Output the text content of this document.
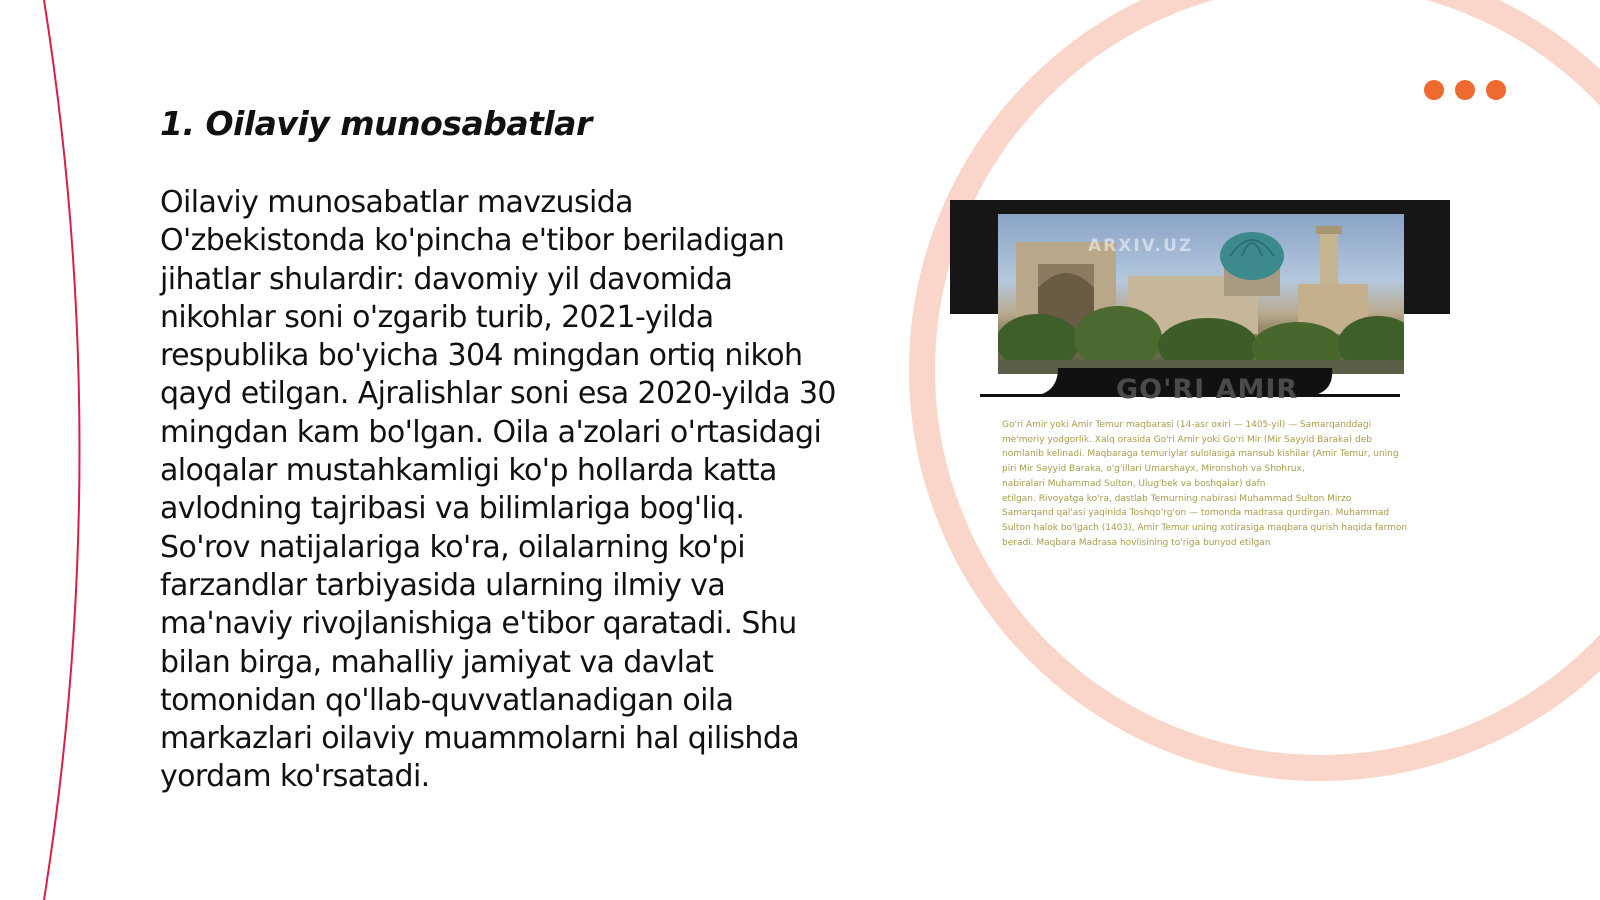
1. Oilaviy munosabatlar

Oilaviy munosabatlar mavzusida O'zbekistonda ko'pincha e'tibor beriladigan jihatlar shulardir: davomiy yil davomida nikohlar soni o'zgarib turib, 2021-yilda respublika bo'yicha 304 mingdan ortiq nikoh qayd etilgan. Ajralishlar soni esa 2020-yilda 30 mingdan kam bo'lgan. Oila a'zolari o'rtasidagi aloqalar mustahkamligi ko'p hollarda katta avlodning tajribasi va bilimlariga bog'liq. So'rov natijalariga ko'ra, oilalarning ko'pi farzandlar tarbiyasida ularning ilmiy va ma'naviy rivojlanishiga e'tibor qaratadi. Shu bilan birga, mahalliy jamiyat va davlat tomonidan qo'llab-quvvatlanadigan oila markazlari oilaviy muammolarni hal qilishda yordam ko'rsatadi.

ARXIV.UZ
GO'RI AMIR
Go'ri Amir yoki Amir Temur maqbarasi (14-asr oxiri — 1405-yil) — Samarqanddagi
me'moriy yodgorlik. Xalq orasida Go'ri Amir yoki Go'ri Mir (Mir Sayyid Baraka) deb
nomlanib kelinadi. Maqbaraga temuriylar sulolasiga mansub kishilar (Amir Temur, uning
piri Mir Sayyid Baraka, o'g'illari Umarshayx, Mironshoh va Shohrux,
nabiralari Muhammad Sulton, Ulug'bek va boshqalar) dafn
etilgan. Rivoyatga ko'ra, dastlab Temurning nabirasi Muhammad Sulton Mirzo
Samarqand qal'asi yaqinida Toshqo'rg'on — tomonda madrasa qurdirgan. Muhammad
Sulton halok bo'lgach (1403), Amir Temur uning xotirasiga maqbara qurish haqida farmon
beradi. Maqbara Madrasa hovlisining to'riga bunyod etilgan
